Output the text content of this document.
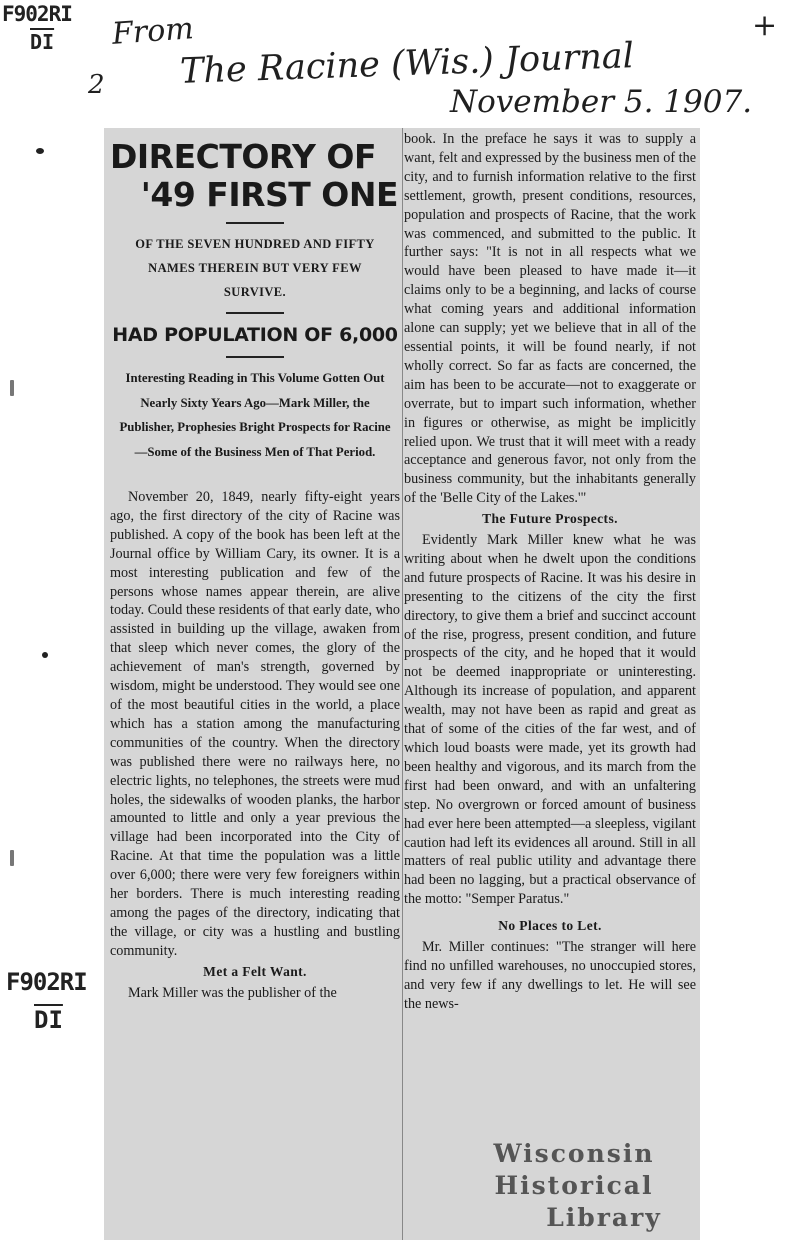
F902RI
$\overline{DI}$
2
+
From
The Racine (Wis.) Journal
November 5. 1907.
F902RI
$\overline{DI}$
DIRECTORY OF
'49 FIRST ONE
OF THE SEVEN HUNDRED AND FIFTY NAMES THEREIN BUT VERY FEW SURVIVE.
HAD POPULATION OF 6,000
Interesting Reading in This Volume Gotten Out Nearly Sixty Years Ago—Mark Miller, the Publisher, Prophesies Bright Prospects for Racine—Some of the Business Men of That Period.

November 20, 1849, nearly fifty-eight years ago, the first directory of the city of Racine was published. A copy of the book has been left at the Journal office by William Cary, its owner. It is a most interesting publication and few of the persons whose names appear therein, are alive today. Could these residents of that early date, who assisted in building up the village, awaken from that sleep which never comes, the glory of the achievement of man's strength, governed by wisdom, might be understood. They would see one of the most beautiful cities in the world, a place which has a station among the manufacturing communities of the country. When the directory was published there were no railways here, no electric lights, no telephones, the streets were mud holes, the sidewalks of wooden planks, the harbor amounted to little and only a year previous the village had been incorporated into the City of Racine. At that time the population was a little over 6,000; there were very few foreigners within her borders. There is much interesting reading among the pages of the directory, indicating that the village, or city was a hustling and bustling community.

Met a Felt Want.

Mark Miller was the publisher of the

book. In the preface he says it was to supply a want, felt and expressed by the business men of the city, and to furnish information relative to the first settlement, growth, present conditions, resources, population and prospects of Racine, that the work was commenced, and submitted to the public. It further says: "It is not in all respects what we would have been pleased to have made it—it claims only to be a beginning, and lacks of course what coming years and additional information alone can supply; yet we believe that in all of the essential points, it will be found nearly, if not wholly correct. So far as facts are concerned, the aim has been to be accurate—not to exaggerate or overrate, but to impart such information, whether in figures or otherwise, as might be implicitly relied upon. We trust that it will meet with a ready acceptance and generous favor, not only from the business community, but the inhabitants generally of the 'Belle City of the Lakes.'"

The Future Prospects.

Evidently Mark Miller knew what he was writing about when he dwelt upon the conditions and future prospects of Racine. It was his desire in presenting to the citizens of the city the first directory, to give them a brief and succinct account of the rise, progress, present condition, and future prospects of the city, and he hoped that it would not be deemed inappropriate or uninteresting. Although its increase of population, and apparent wealth, may not have been as rapid and great as that of some of the cities of the far west, and of which loud boasts were made, yet its growth had been healthy and vigorous, and its march from the first had been onward, and with an unfaltering step. No overgrown or forced amount of business had ever here been attempted—a sleepless, vigilant caution had left its evidences all around. Still in all matters of real public utility and advantage there had been no lagging, but a practical observance of the motto: "Semper Paratus."

No Places to Let.

Mr. Miller continues: "The stranger will here find no unfilled warehouses, no unoccupied stores, and very few if any dwellings to let. He will see the news-

Wisconsin Historical
Library
